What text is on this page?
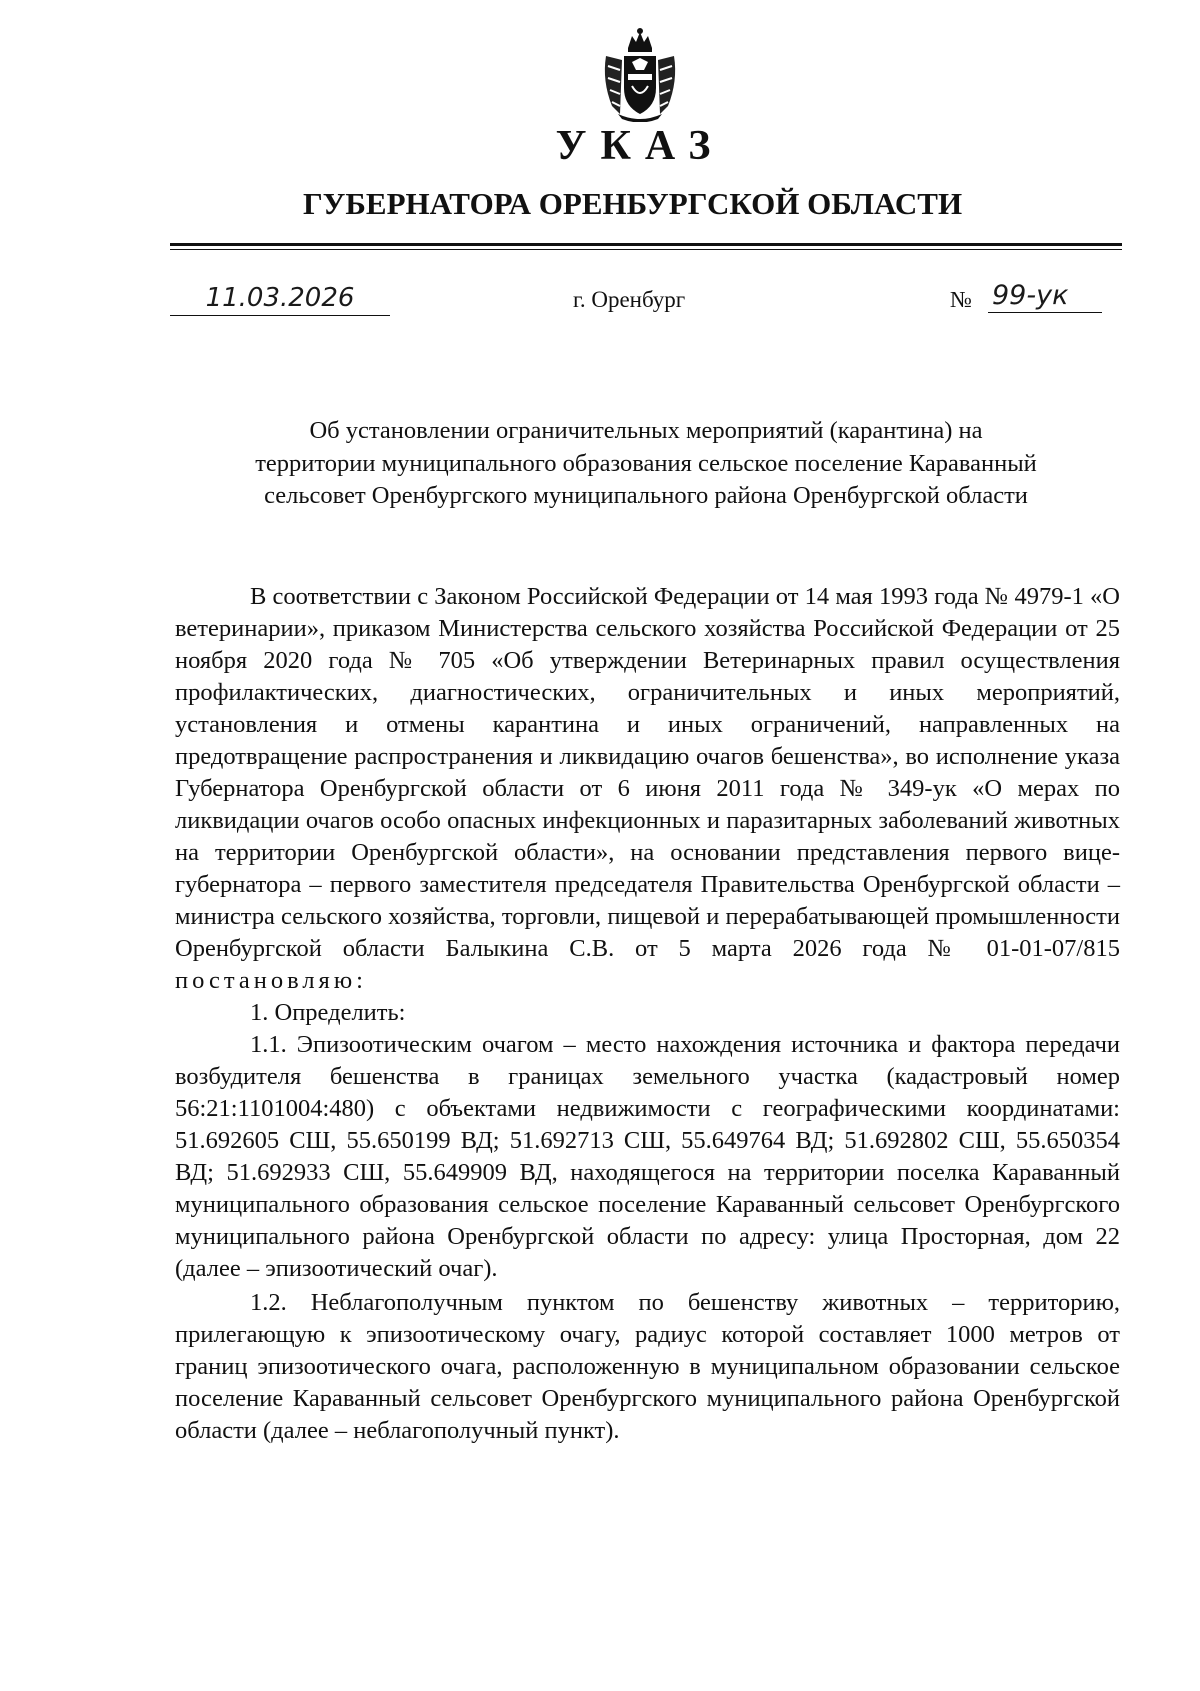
УКАЗ
ГУБЕРНАТОРА ОРЕНБУРГСКОЙ ОБЛАСТИ
11.03.2026	г. Оренбург	№ 99-ук
Об установлении ограничительных мероприятий (карантина) на
территории муниципального образования сельское поселение Караванный
сельсовет Оренбургского муниципального района Оренбургской области

В соответствии с Законом Российской Федерации от 14 мая 1993 года № 4979-1 «О ветеринарии», приказом Министерства сельского хозяйства Российской Федерации от 25 ноября 2020 года № 705 «Об утверждении Ветеринарных правил осуществления профилактических, диагностических, ограничительных и иных мероприятий, установления и отмены карантина и иных ограничений, направленных на предотвращение распространения и ликвидацию очагов бешенства», во исполнение указа Губернатора Оренбургской области от 6 июня 2011 года № 349-ук «О мерах по ликвидации очагов особо опасных инфекционных и паразитарных заболеваний животных на территории Оренбургской области», на основании представления первого вице-губернатора – первого заместителя председателя Правительства Оренбургской области – министра сельского хозяйства, торговли, пищевой и перерабатывающей промышленности Оренбургской области Балыкина С.В. от 5 марта 2026 года № 01-01-07/815 постановляю:

1. Определить:

1.1. Эпизоотическим очагом – место нахождения источника и фактора передачи возбудителя бешенства в границах земельного участка (кадастровый номер 56:21:1101004:480) с объектами недвижимости с географическими координатами: 51.692605 СШ, 55.650199 ВД; 51.692713 СШ, 55.649764 ВД; 51.692802 СШ, 55.650354 ВД; 51.692933 СШ, 55.649909 ВД, находящегося на территории поселка Караванный муниципального образования сельское поселение Караванный сельсовет Оренбургского муниципального района Оренбургской области по адресу: улица Просторная, дом 22 (далее – эпизоотический очаг).

1.2. Неблагополучным пунктом по бешенству животных – территорию, прилегающую к эпизоотическому очагу, радиус которой составляет 1000 метров от границ эпизоотического очага, расположенную в муниципальном образовании сельское поселение Караванный сельсовет Оренбургского муниципального района Оренбургской области (далее – неблагополучный пункт).
